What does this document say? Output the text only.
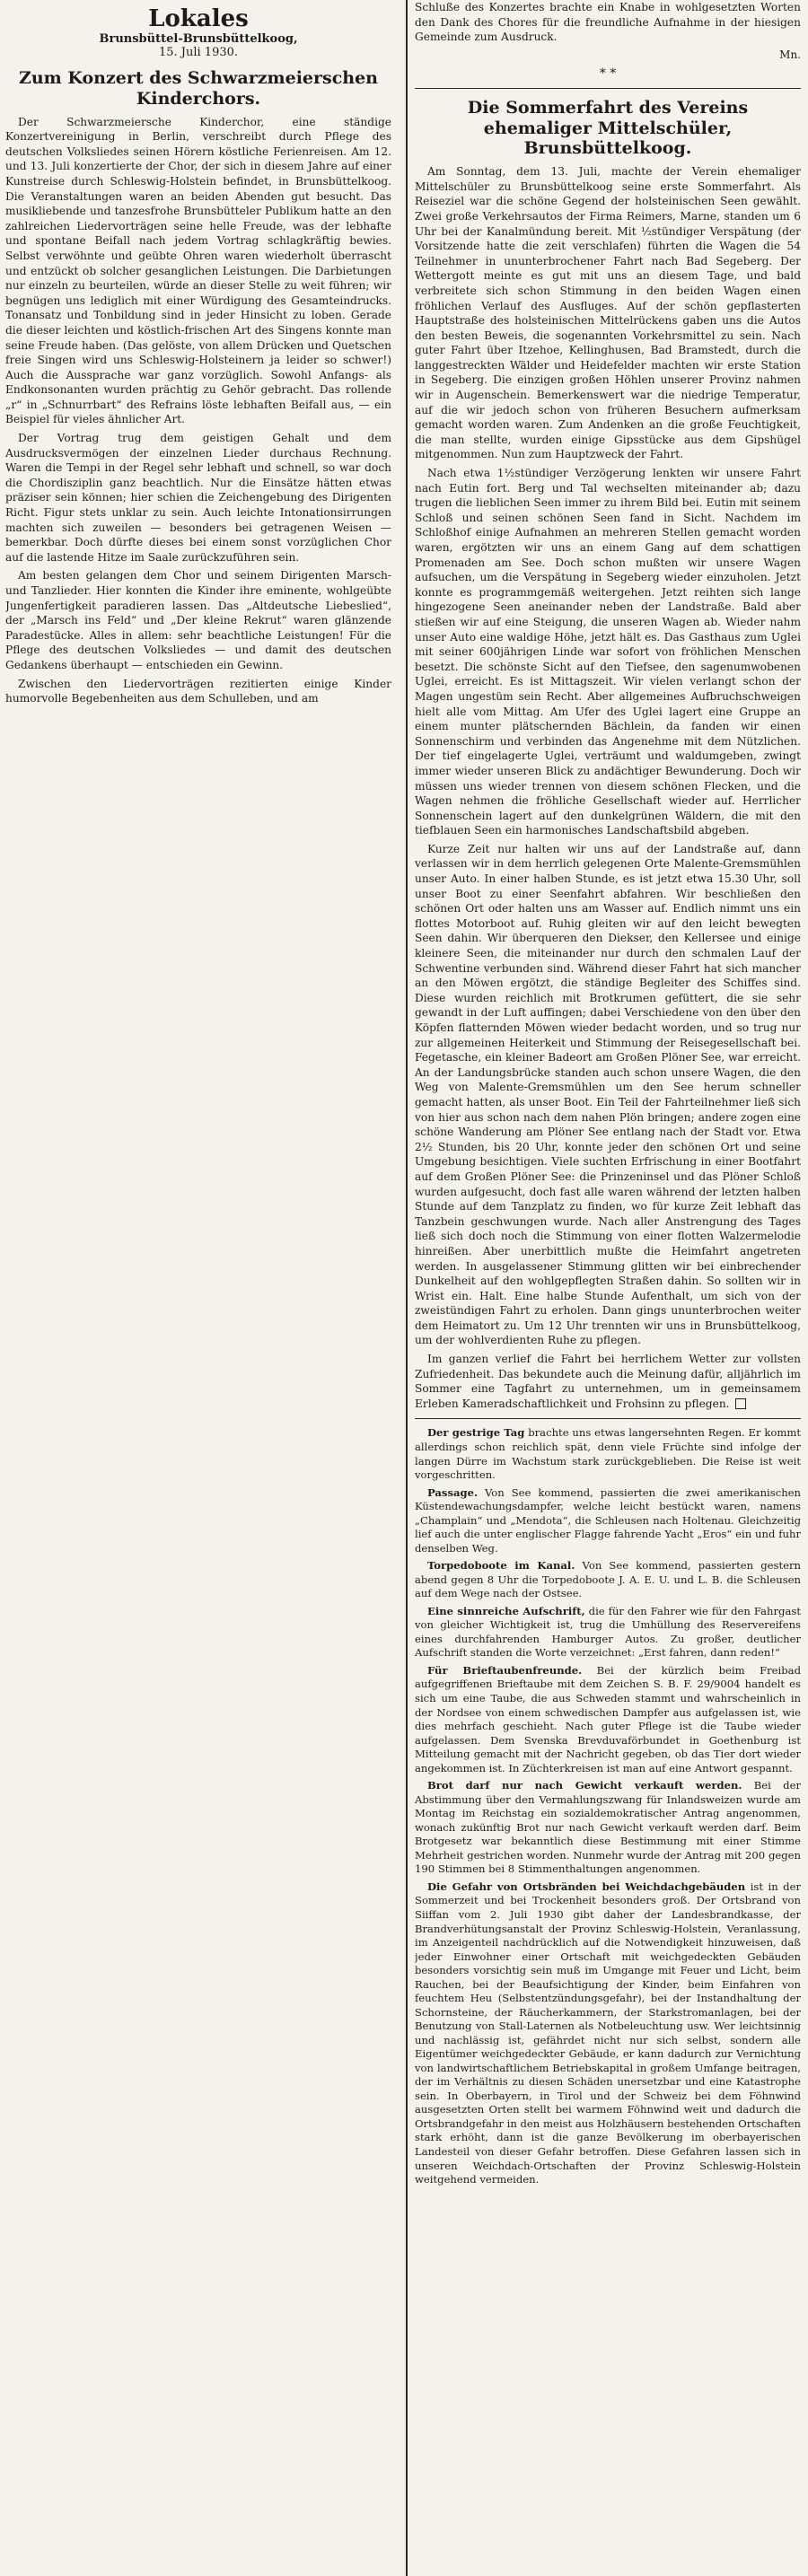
Lokales
Brunsbüttel-Brunsbüttelkoog,
15. Juli 1930.
Zum Konzert des Schwarzmeierschen Kinderchors.

Der Schwarzmeiersche Kinderchor, eine ständige Konzertvereinigung in Berlin, verschreibt durch Pflege des deutschen Volksliedes seinen Hörern köstliche Ferienreisen. Am 12. und 13. Juli konzertierte der Chor, der sich in diesem Jahre auf einer Kunstreise durch Schleswig-Holstein befindet, in Brunsbüttelkoog. Die Veranstaltungen waren an beiden Abenden gut besucht. Das musikliebende und tanzesfrohe Brunsbütteler Publikum hatte an den zahlreichen Liedervorträgen seine helle Freude, was der lebhafte und spontane Beifall nach jedem Vortrag schlagkräftig bewies. Selbst verwöhnte und geübte Ohren waren wiederholt überrascht und entzückt ob solcher gesanglichen Leistungen. Die Darbietungen nur einzeln zu beurteilen, würde an dieser Stelle zu weit führen; wir begnügen uns lediglich mit einer Würdigung des Gesamteindrucks. Tonansatz und Tonbildung sind in jeder Hinsicht zu loben. Gerade die dieser leichten und köstlich-frischen Art des Singens konnte man seine Freude haben. (Das gelöste, von allem Drücken und Quetschen freie Singen wird uns Schleswig-Holsteinern ja leider so schwer!) Auch die Aussprache war ganz vorzüglich. Sowohl Anfangs- als Endkonsonanten wurden prächtig zu Gehör gebracht. Das rollende „r“ in „Schnurrbart“ des Refrains löste lebhaften Beifall aus, — ein Beispiel für vieles ähnlicher Art.

Der Vortrag trug dem geistigen Gehalt und dem Ausdrucksvermögen der einzelnen Lieder durchaus Rechnung. Waren die Tempi in der Regel sehr lebhaft und schnell, so war doch die Chordisziplin ganz beachtlich. Nur die Einsätze hätten etwas präziser sein können; hier schien die Zeichengebung des Dirigenten Richt. Figur stets unklar zu sein. Auch leichte Intonationsirrungen machten sich zuweilen — besonders bei getragenen Weisen — bemerkbar. Doch dürfte dieses bei einem sonst vorzüglichen Chor auf die lastende Hitze im Saale zurückzuführen sein.

Am besten gelangen dem Chor und seinem Dirigenten Marsch- und Tanzlieder. Hier konnten die Kinder ihre eminente, wohlgeübte Jungenfertigkeit paradieren lassen. Das „Altdeutsche Liebeslied“, der „Marsch ins Feld“ und „Der kleine Rekrut“ waren glänzende Paradestücke. Alles in allem: sehr beachtliche Leistungen! Für die Pflege des deutschen Volksliedes — und damit des deutschen Gedankens überhaupt — entschieden ein Gewinn.

Zwischen den Liedervorträgen rezitierten einige Kinder humorvolle Begebenheiten aus dem Schulleben, und am

Schluße des Konzertes brachte ein Knabe in wohlgesetzten Worten den Dank des Chores für die freundliche Aufnahme in der hiesigen Gemeinde zum Ausdruck.

Mn.
* *
Die Sommerfahrt des Vereins ehemaliger Mittelschüler, Brunsbüttelkoog.

Am Sonntag, dem 13. Juli, machte der Verein ehemaliger Mittelschüler zu Brunsbüttelkoog seine erste Sommerfahrt. Als Reiseziel war die schöne Gegend der holsteinischen Seen gewählt. Zwei große Verkehrsautos der Firma Reimers, Marne, standen um 6 Uhr bei der Kanalmündung bereit. Mit ½stündiger Verspätung (der Vorsitzende hatte die zeit verschlafen) führten die Wagen die 54 Teilnehmer in ununterbrochener Fahrt nach Bad Segeberg. Der Wettergott meinte es gut mit uns an diesem Tage, und bald verbreitete sich schon Stimmung in den beiden Wagen einen fröhlichen Verlauf des Ausfluges. Auf der schön gepflasterten Hauptstraße des holsteinischen Mittelrückens gaben uns die Autos den besten Beweis, die sogenannten Vorkehrsmittel zu sein. Nach guter Fahrt über Itzehoe, Kellinghusen, Bad Bramstedt, durch die langgestreckten Wälder und Heidefelder machten wir erste Station in Segeberg. Die einzigen großen Höhlen unserer Provinz nahmen wir in Augenschein. Bemerkenswert war die niedrige Temperatur, auf die wir jedoch schon von früheren Besuchern aufmerksam gemacht worden waren. Zum Andenken an die große Feuchtigkeit, die man stellte, wurden einige Gipsstücke aus dem Gipshügel mitgenommen. Nun zum Hauptzweck der Fahrt.

Nach etwa 1½stündiger Verzögerung lenkten wir unsere Fahrt nach Eutin fort. Berg und Tal wechselten miteinander ab; dazu trugen die lieblichen Seen immer zu ihrem Bild bei. Eutin mit seinem Schloß und seinen schönen Seen fand in Sicht. Nachdem im Schloßhof einige Aufnahmen an mehreren Stellen gemacht worden waren, ergötzten wir uns an einem Gang auf dem schattigen Promenaden am See. Doch schon mußten wir unsere Wagen aufsuchen, um die Verspätung in Segeberg wieder einzuholen. Jetzt konnte es programmgemäß weitergehen. Jetzt reihten sich lange hingezogene Seen aneinander neben der Landstraße. Bald aber stießen wir auf eine Steigung, die unseren Wagen ab. Wieder nahm unser Auto eine waldige Höhe, jetzt hält es. Das Gasthaus zum Uglei mit seiner 600jährigen Linde war sofort von fröhlichen Menschen besetzt. Die schönste Sicht auf den Tiefsee, den sagenumwobenen Uglei, erreicht. Es ist Mittagszeit. Wir vielen verlangt schon der Magen ungestüm sein Recht. Aber allgemeines Aufbruchschweigen hielt alle vom Mittag. Am Ufer des Uglei lagert eine Gruppe an einem munter plätschernden Bächlein, da fanden wir einen Sonnenschirm und verbinden das Angenehme mit dem Nützlichen. Der tief eingelagerte Uglei, verträumt und waldumgeben, zwingt immer wieder unseren Blick zu andächtiger Bewunderung. Doch wir müssen uns wieder trennen von diesem schönen Flecken, und die Wagen nehmen die fröhliche Gesellschaft wieder auf. Herrlicher Sonnenschein lagert auf den dunkelgrünen Wäldern, die mit den tiefblauen Seen ein harmonisches Landschaftsbild abgeben.

Kurze Zeit nur halten wir uns auf der Landstraße auf, dann verlassen wir in dem herrlich gelegenen Orte Malente-Gremsmühlen unser Auto. In einer halben Stunde, es ist jetzt etwa 15.30 Uhr, soll unser Boot zu einer Seenfahrt abfahren. Wir beschließen den schönen Ort oder halten uns am Wasser auf. Endlich nimmt uns ein flottes Motorboot auf. Ruhig gleiten wir auf den leicht bewegten Seen dahin. Wir überqueren den Diekser, den Kellersee und einige kleinere Seen, die miteinander nur durch den schmalen Lauf der Schwentine verbunden sind. Während dieser Fahrt hat sich mancher an den Möwen ergötzt, die ständige Begleiter des Schiffes sind. Diese wurden reichlich mit Brotkrumen gefüttert, die sie sehr gewandt in der Luft auffingen; dabei Verschiedene von den über den Köpfen flatternden Möwen wieder bedacht worden, und so trug nur zur allgemeinen Heiterkeit und Stimmung der Reisegesellschaft bei. Fegetasche, ein kleiner Badeort am Großen Plöner See, war erreicht. An der Landungsbrücke standen auch schon unsere Wagen, die den Weg von Malente-Gremsmühlen um den See herum schneller gemacht hatten, als unser Boot. Ein Teil der Fahrteilnehmer ließ sich von hier aus schon nach dem nahen Plön bringen; andere zogen eine schöne Wanderung am Plöner See entlang nach der Stadt vor. Etwa 2½ Stunden, bis 20 Uhr, konnte jeder den schönen Ort und seine Umgebung besichtigen. Viele suchten Erfrischung in einer Bootfahrt auf dem Großen Plöner See: die Prinzeninsel und das Plöner Schloß wurden aufgesucht, doch fast alle waren während der letzten halben Stunde auf dem Tanzplatz zu finden, wo für kurze Zeit lebhaft das Tanzbein geschwungen wurde. Nach aller Anstrengung des Tages ließ sich doch noch die Stimmung von einer flotten Walzermelodie hinreißen. Aber unerbittlich mußte die Heimfahrt angetreten werden. In ausgelassener Stimmung glitten wir bei einbrechender Dunkelheit auf den wohlgepflegten Straßen dahin. So sollten wir in Wrist ein. Halt. Eine halbe Stunde Aufenthalt, um sich von der zweistündigen Fahrt zu erholen. Dann gings ununterbrochen weiter dem Heimatort zu. Um 12 Uhr trennten wir uns in Brunsbüttelkoog, um der wohlverdienten Ruhe zu pflegen.

Im ganzen verlief die Fahrt bei herrlichem Wetter zur vollsten Zufriedenheit. Das bekundete auch die Meinung dafür, alljährlich im Sommer eine Tagfahrt zu unternehmen, um in gemeinsamem Erleben Kameradschaftlichkeit und Frohsinn zu pflegen.

Der gestrige Tag brachte uns etwas langersehnten Regen. Er kommt allerdings schon reichlich spät, denn viele Früchte sind infolge der langen Dürre im Wachstum stark zurückgeblieben. Die Reise ist weit vorgeschritten.

Passage. Von See kommend, passierten die zwei amerikanischen Küstendewachungsdampfer, welche leicht bestückt waren, namens „Champlain“ und „Mendota“, die Schleusen nach Holtenau. Gleichzeitig lief auch die unter englischer Flagge fahrende Yacht „Eros“ ein und fuhr denselben Weg.

Torpedoboote im Kanal. Von See kommend, passierten gestern abend gegen 8 Uhr die Torpedoboote J. A. E. U. und L. B. die Schleusen auf dem Wege nach der Ostsee.

Eine sinnreiche Aufschrift, die für den Fahrer wie für den Fahrgast von gleicher Wichtigkeit ist, trug die Umhüllung des Reservereifens eines durchfahrenden Hamburger Autos. Zu großer, deutlicher Aufschrift standen die Worte verzeichnet: „Erst fahren, dann reden!“

Für Brieftaubenfreunde. Bei der kürzlich beim Freibad aufgegriffenen Brieftaube mit dem Zeichen S. B. F. 29/9004 handelt es sich um eine Taube, die aus Schweden stammt und wahrscheinlich in der Nordsee von einem schwedischen Dampfer aus aufgelassen ist, wie dies mehrfach geschieht. Nach guter Pflege ist die Taube wieder aufgelassen. Dem Svenska Brevduvaförbundet in Goethenburg ist Mitteilung gemacht mit der Nachricht gegeben, ob das Tier dort wieder angekommen ist. In Züchterkreisen ist man auf eine Antwort gespannt.

Brot darf nur nach Gewicht verkauft werden. Bei der Abstimmung über den Vermahlungszwang für Inlandsweizen wurde am Montag im Reichstag ein sozialdemokratischer Antrag angenommen, wonach zukünftig Brot nur nach Gewicht verkauft werden darf. Beim Brotgesetz war bekanntlich diese Bestimmung mit einer Stimme Mehrheit gestrichen worden. Nunmehr wurde der Antrag mit 200 gegen 190 Stimmen bei 8 Stimmenthaltungen angenommen.

Die Gefahr von Ortsbränden bei Weichdachgebäuden ist in der Sommerzeit und bei Trockenheit besonders groß. Der Ortsbrand von Siiffan vom 2. Juli 1930 gibt daher der Landesbrandkasse, der Brandverhütungsanstalt der Provinz Schleswig-Holstein, Veranlassung, im Anzeigenteil nachdrücklich auf die Notwendigkeit hinzuweisen, daß jeder Einwohner einer Ortschaft mit weichgedeckten Gebäuden besonders vorsichtig sein muß im Umgange mit Feuer und Licht, beim Rauchen, bei der Beaufsichtigung der Kinder, beim Einfahren von feuchtem Heu (Selbstentzündungsgefahr), bei der Instandhaltung der Schornsteine, der Räucherkammern, der Starkstromanlagen, bei der Benutzung von Stall-Laternen als Notbeleuchtung usw. Wer leichtsinnig und nachlässig ist, gefährdet nicht nur sich selbst, sondern alle Eigentümer weichgedeckter Gebäude, er kann dadurch zur Vernichtung von landwirtschaftlichem Betriebskapital in großem Umfange beitragen, der im Verhältnis zu diesen Schäden unersetzbar und eine Katastrophe sein. In Oberbayern, in Tirol und der Schweiz bei dem Föhnwind ausgesetzten Orten stellt bei warmem Föhnwind weit und dadurch die Ortsbrandgefahr in den meist aus Holzhäusern bestehenden Ortschaften stark erhöht, dann ist die ganze Bevölkerung im oberbayerischen Landesteil von dieser Gefahr betroffen. Diese Gefahren lassen sich in unseren Weichdach-Ortschaften der Provinz Schleswig-Holstein weitgehend vermeiden.
